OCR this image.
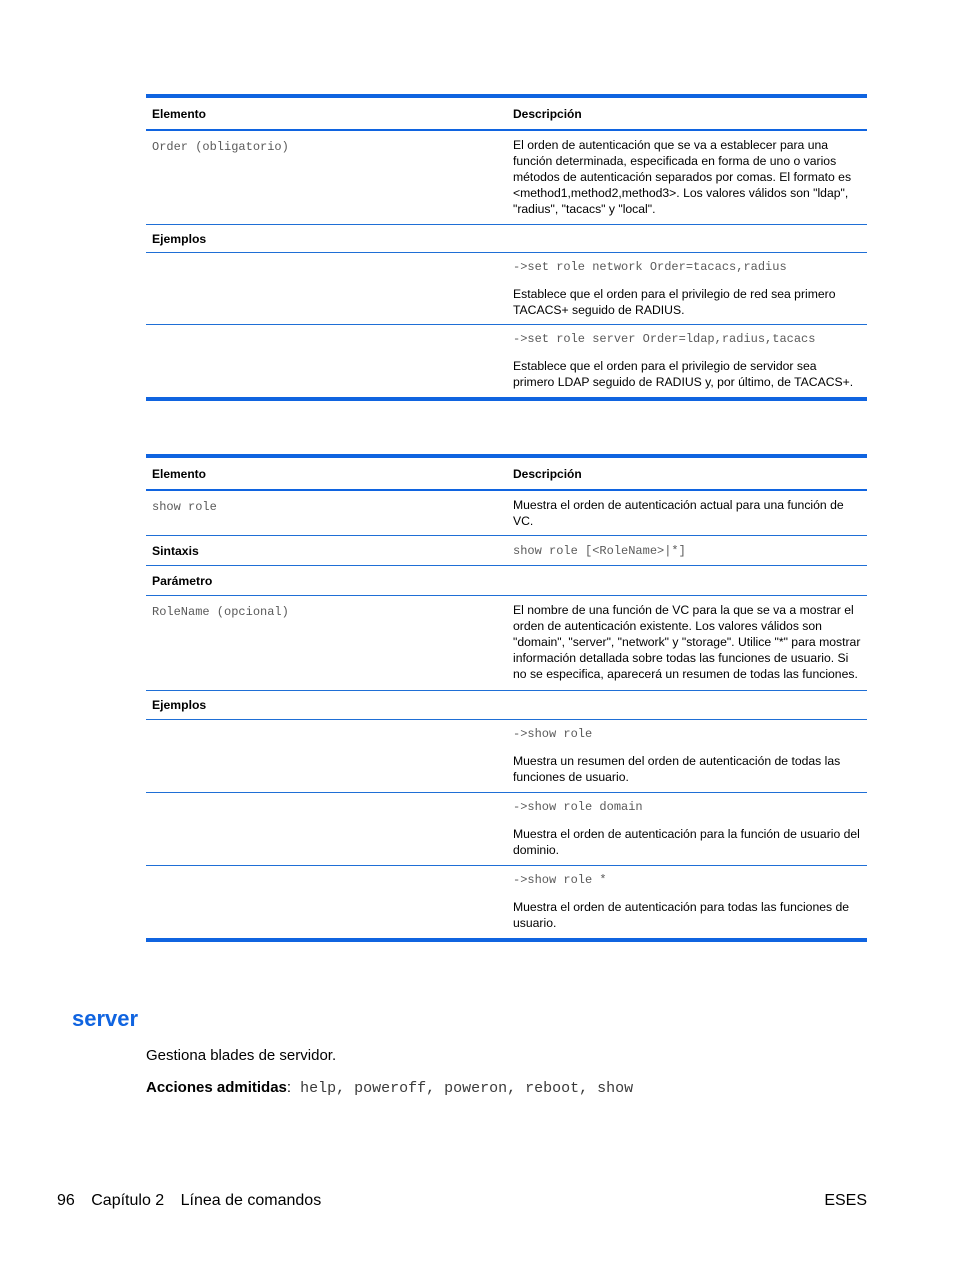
Elemento	Descripción
Order (obligatorio)	El orden de autenticación que se va a establecer para una función determinada, especificada en forma de uno o varios métodos de autenticación separados por comas. El formato es <method1,method2,method3>. Los valores válidos son "ldap", "radius", "tacacs" y "local".
Ejemplos	

	->set role network Order=tacacs,radius
Establece que el orden para el privilegio de red sea primero TACACS+ seguido de RADIUS.

	->set role server Order=ldap,radius,tacacs
Establece que el orden para el privilegio de servidor sea primero LDAP seguido de RADIUS y, por último, de TACACS+.
Elemento	Descripción
show role	Muestra el orden de autenticación actual para una función de VC.
Sintaxis	show role [<RoleName>|*]
Parámetro	
RoleName (opcional)	El nombre de una función de VC para la que se va a mostrar el orden de autenticación existente. Los valores válidos son "domain", "server", "network" y "storage". Utilice "*" para mostrar información detallada sobre todas las funciones de usuario. Si no se especifica, aparecerá un resumen de todas las funciones.
Ejemplos	

	->show role
Muestra un resumen del orden de autenticación de todas las funciones de usuario.

	->show role domain
Muestra el orden de autenticación para la función de usuario del dominio.

	->show role *
Muestra el orden de autenticación para todas las funciones de usuario.
server
Gestiona blades de servidor.
Acciones admitidas: help, poweroff, poweron, reboot, show
96 Capítulo 2 Línea de comandos	ESES
